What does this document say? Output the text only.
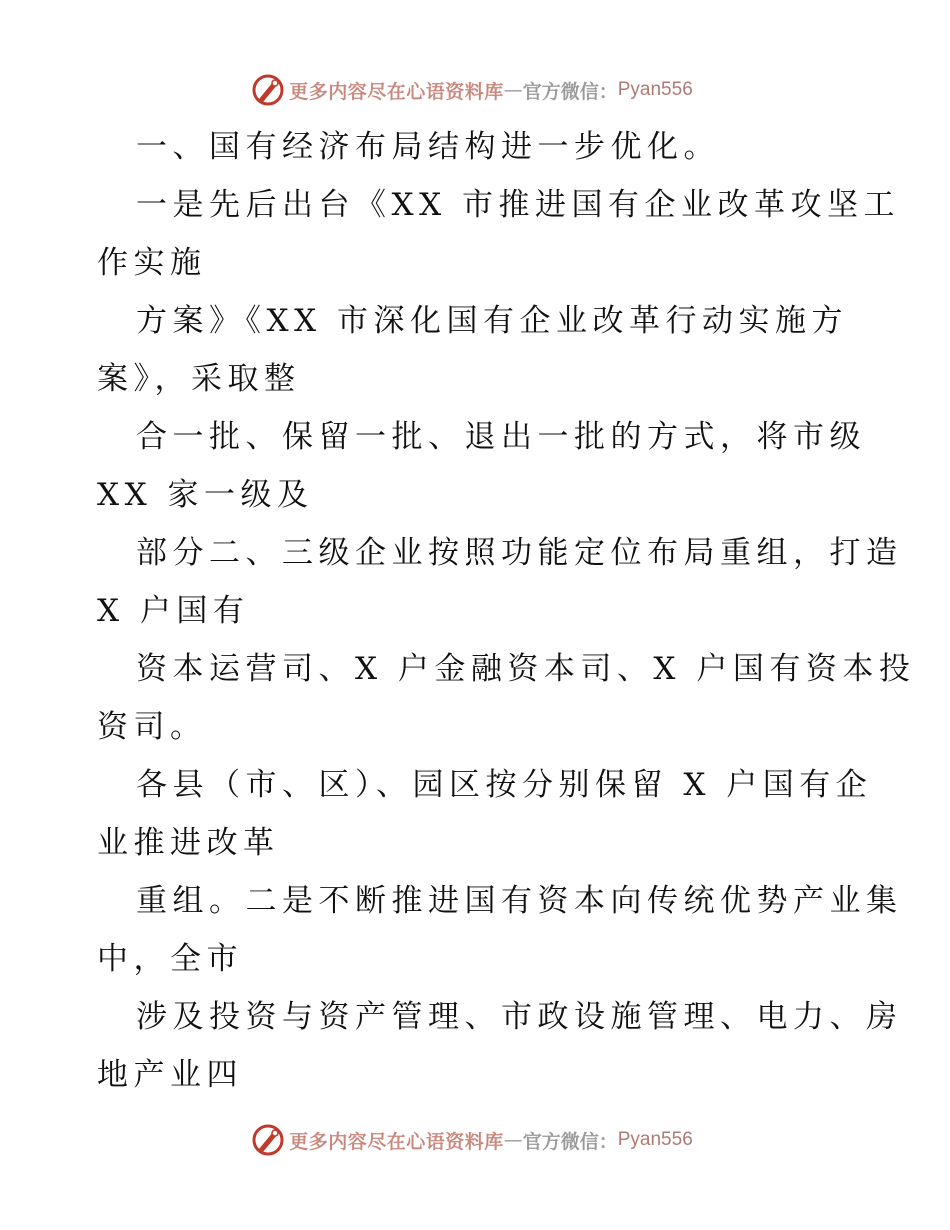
更多内容尽在心语资料库 — 官方微信： Pyan556
一、国有经济布局结构进一步优化。
一是先后出台《XX 市推进国有企业改革攻坚工
作实施
方案》《XX 市深化国有企业改革行动实施方
案》，采取整
合一批、保留一批、退出一批的方式，将市级
XX 家一级及
部分二、三级企业按照功能定位布局重组，打造
X 户国有
资本运营司、X 户金融资本司、X 户国有资本投
资司。
各县（市、区）、园区按分别保留 X 户国有企
业推进改革
重组。二是不断推进国有资本向传统优势产业集
中，全市
涉及投资与资产管理、市政设施管理、电力、房
地产业四
更多内容尽在心语资料库 — 官方微信： Pyan556
